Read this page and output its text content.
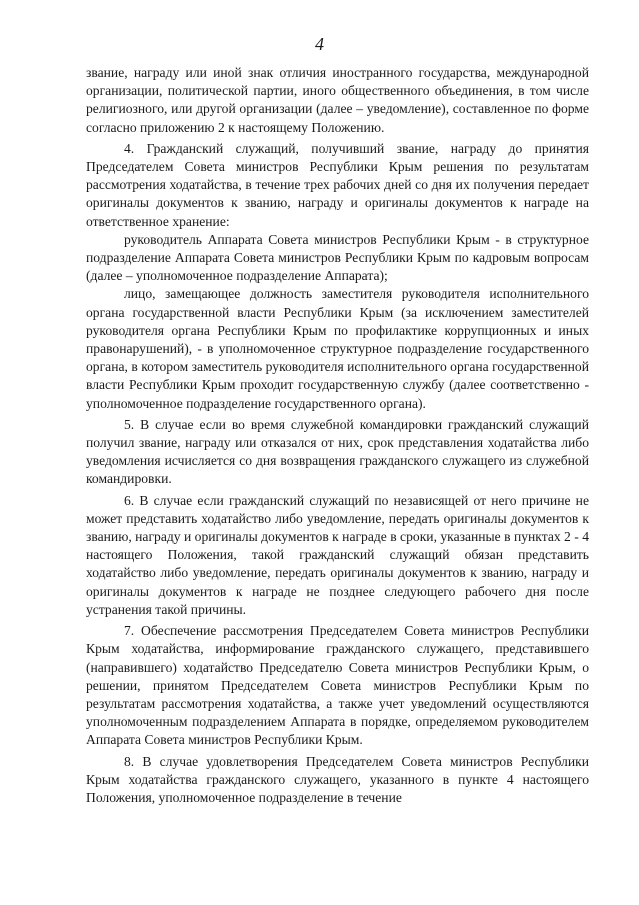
4

звание, награду или иной знак отличия иностранного государства, международной организации, политической партии, иного общественного объединения, в том числе религиозного, или другой организации (далее – уведомление), составленное по форме согласно приложению 2 к настоящему Положению.

4. Гражданский служащий, получивший звание, награду до принятия Председателем Совета министров Республики Крым решения по результатам рассмотрения ходатайства, в течение трех рабочих дней со дня их получения передает оригиналы документов к званию, награду и оригиналы документов к награде на ответственное хранение:

руководитель Аппарата Совета министров Республики Крым - в структурное подразделение Аппарата Совета министров Республики Крым по кадровым вопросам (далее – уполномоченное подразделение Аппарата);

лицо, замещающее должность заместителя руководителя исполнительного органа государственной власти Республики Крым (за исключением заместителей руководителя органа Республики Крым по профилактике коррупционных и иных правонарушений), - в уполномоченное структурное подразделение государственного органа, в котором заместитель руководителя исполнительного органа государственной власти Республики Крым проходит государственную службу (далее соответственно - уполномоченное подразделение государственного органа).

5. В случае если во время служебной командировки гражданский служащий получил звание, награду или отказался от них, срок представления ходатайства либо уведомления исчисляется со дня возвращения гражданского служащего из служебной командировки.

6. В случае если гражданский служащий по независящей от него причине не может представить ходатайство либо уведомление, передать оригиналы документов к званию, награду и оригиналы документов к награде в сроки, указанные в пунктах 2 - 4 настоящего Положения, такой гражданский служащий обязан представить ходатайство либо уведомление, передать оригиналы документов к званию, награду и оригиналы документов к награде не позднее следующего рабочего дня после устранения такой причины.

7. Обеспечение рассмотрения Председателем Совета министров Республики Крым ходатайства, информирование гражданского служащего, представившего (направившего) ходатайство Председателю Совета министров Республики Крым, о решении, принятом Председателем Совета министров Республики Крым по результатам рассмотрения ходатайства, а также учет уведомлений осуществляются уполномоченным подразделением Аппарата в порядке, определяемом руководителем Аппарата Совета министров Республики Крым.

8. В случае удовлетворения Председателем Совета министров Республики Крым ходатайства гражданского служащего, указанного в пункте 4 настоящего Положения, уполномоченное подразделение в течение
